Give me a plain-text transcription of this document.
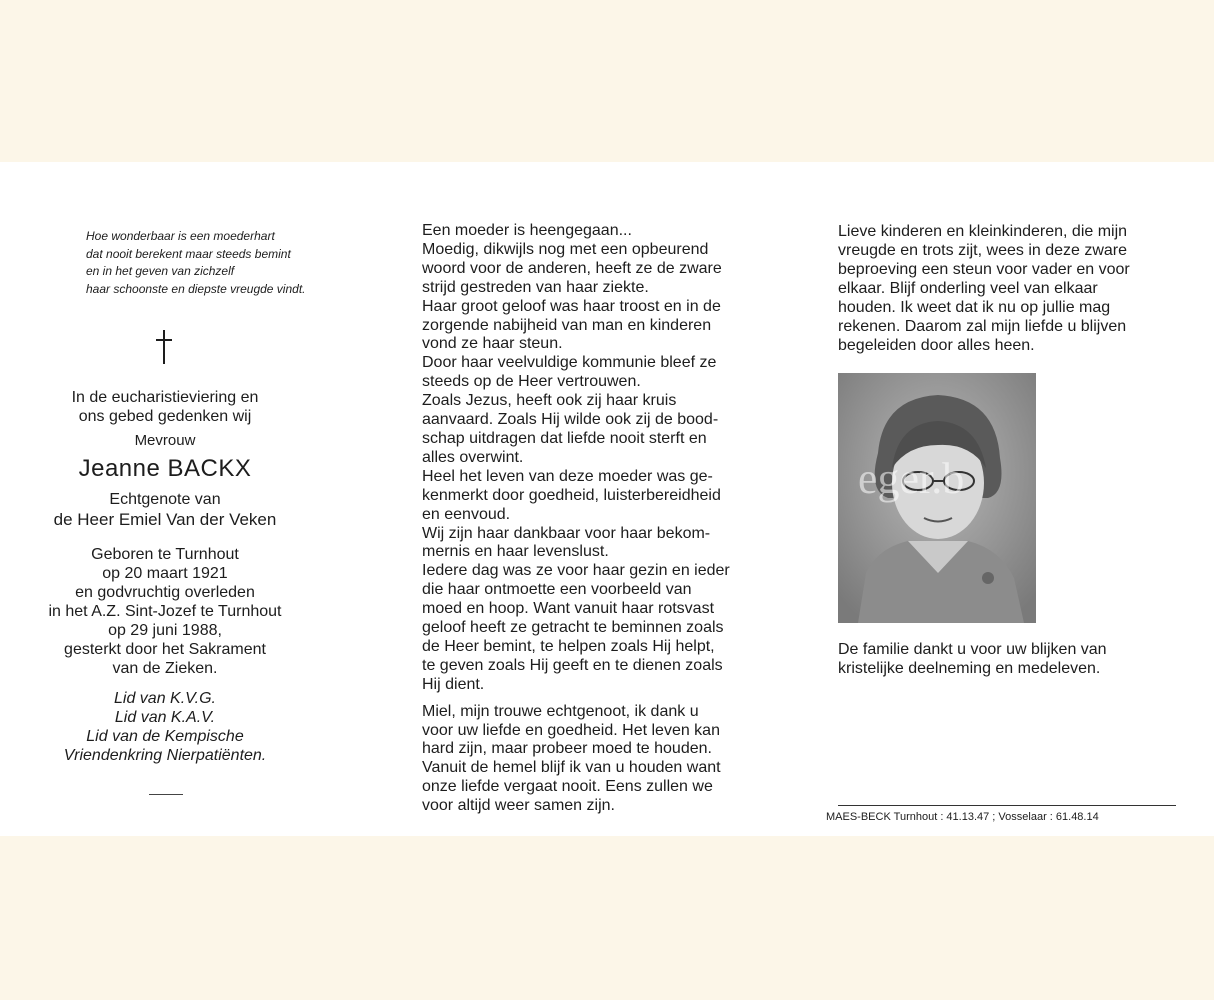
Hoe wonderbaar is een moederhart
dat nooit berekent maar steeds bemint
en in het geven van zichzelf
haar schoonste en diepste vreugde vindt.
In de eucharistieviering en
ons gebed gedenken wij
Mevrouw
Jeanne BACKX
Echtgenote van
de Heer Emiel Van der Veken
Geboren te Turnhout
op 20 maart 1921
en godvruchtig overleden
in het A.Z. Sint-Jozef te Turnhout
op 29 juni 1988,
gesterkt door het Sakrament
van de Zieken.
Lid van K.V.G.
Lid van K.A.V.
Lid van de Kempische
Vriendenkring Nierpatiënten.

Een moeder is heengegaan...
Moedig, dikwijls nog met een opbeurend
woord voor de anderen, heeft ze de zware
strijd gestreden van haar ziekte.
Haar groot geloof was haar troost en in de
zorgende nabijheid van man en kinderen
vond ze haar steun.
Door haar veelvuldige kommunie bleef ze
steeds op de Heer vertrouwen.
Zoals Jezus, heeft ook zij haar kruis
aanvaard. Zoals Hij wilde ook zij de bood-
schap uitdragen dat liefde nooit sterft en
alles overwint.
Heel het leven van deze moeder was ge-
kenmerkt door goedheid, luisterbereidheid
en eenvoud.
Wij zijn haar dankbaar voor haar bekom-
mernis en haar levenslust.
Iedere dag was ze voor haar gezin en ieder
die haar ontmoette een voorbeeld van
moed en hoop. Want vanuit haar rotsvast
geloof heeft ze getracht te beminnen zoals
de Heer bemint, te helpen zoals Hij helpt,
te geven zoals Hij geeft en te dienen zoals
Hij dient.

Miel, mijn trouwe echtgenoot, ik dank u
voor uw liefde en goedheid. Het leven kan
hard zijn, maar probeer moed te houden.
Vanuit de hemel blijf ik van u houden want
onze liefde vergaat nooit. Eens zullen we
voor altijd weer samen zijn.

Lieve kinderen en kleinkinderen, die mijn
vreugde en trots zijt, wees in deze zware
beproeving een steun voor vader en voor
elkaar. Blijf onderling veel van elkaar
houden. Ik weet dat ik nu op jullie mag
rekenen. Daarom zal mijn liefde u blijven
begeleiden door alles heen.

eger.b
De familie dankt u voor uw blijken van
kristelijke deelneming en medeleven.
MAES-BECK Turnhout : 41.13.47 ; Vosselaar : 61.48.14
